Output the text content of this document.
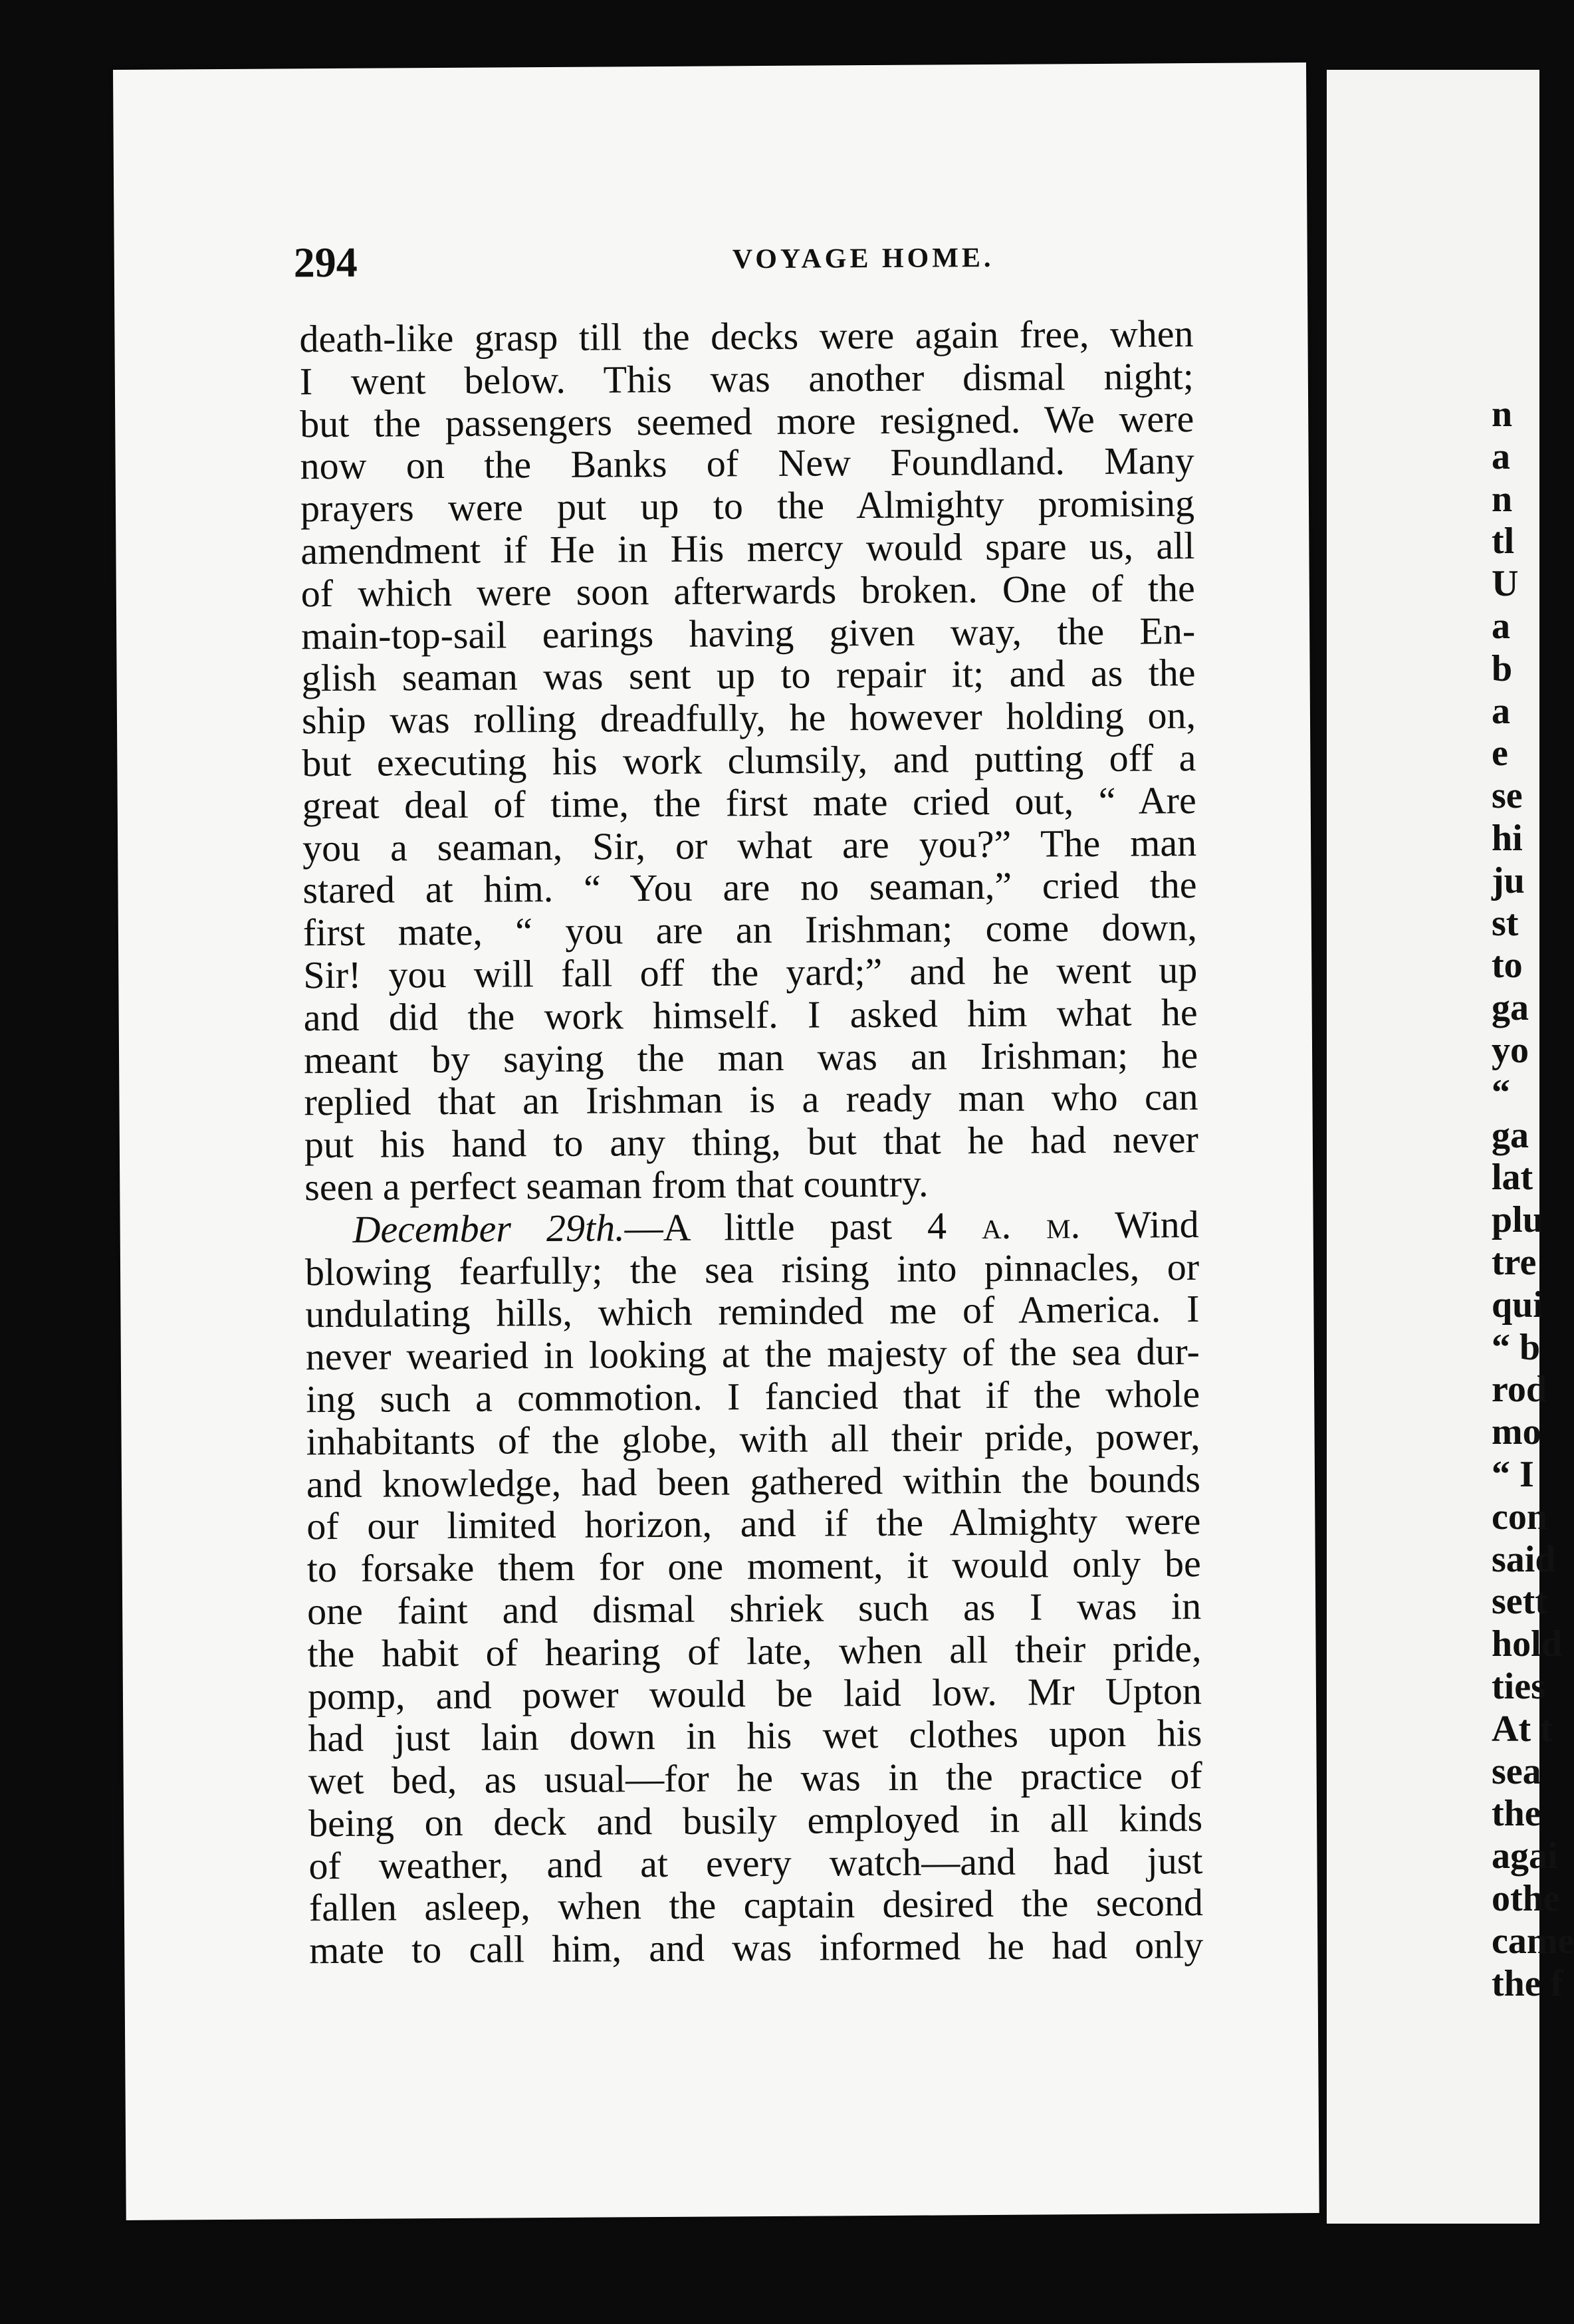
294	VOYAGE HOME.
death-like grasp till the decks were again free, when
I went below. This was another dismal night;
but the passengers seemed more resigned. We were
now on the Banks of New Foundland. Many
prayers were put up to the Almighty promising
amendment if He in His mercy would spare us, all
of which were soon afterwards broken. One of the
main-top-sail earings having given way, the En-
glish seaman was sent up to repair it; and as the
ship was rolling dreadfully, he however holding on,
but executing his work clumsily, and putting off a
great deal of time, the first mate cried out, “ Are
you a seaman, Sir, or what are you?” The man
stared at him. “ You are no seaman,” cried the
first mate, “ you are an Irishman; come down,
Sir! you will fall off the yard;” and he went up
and did the work himself. I asked him what he
meant by saying the man was an Irishman; he
replied that an Irishman is a ready man who can
put his hand to any thing, but that he had never
seen a perfect seaman from that country.
December 29th.—A little past 4 a. m. Wind
blowing fearfully; the sea rising into pinnacles, or
undulating hills, which reminded me of America. I
never wearied in looking at the majesty of the sea dur-
ing such a commotion. I fancied that if the whole
inhabitants of the globe, with all their pride, power,
and knowledge, had been gathered within the bounds
of our limited horizon, and if the Almighty were
to forsake them for one moment, it would only be
one faint and dismal shriek such as I was in
the habit of hearing of late, when all their pride,
pomp, and power would be laid low. Mr Upton
had just lain down in his wet clothes upon his
wet bed, as usual—for he was in the practice of
being on deck and busily employed in all kinds
of weather, and at every watch—and had just
fallen asleep, when the captain desired the second
mate to call him, and was informed he had only
n
a
n
tl
U
a
b
a
e
se
hi
ju
st
to
ga
yo
“
ga
lat
plu
tre
qui
“ b
rod
mo
“ I
con
said
sett
hold
ties
At t
sea
the
agai
othe
came
the f
